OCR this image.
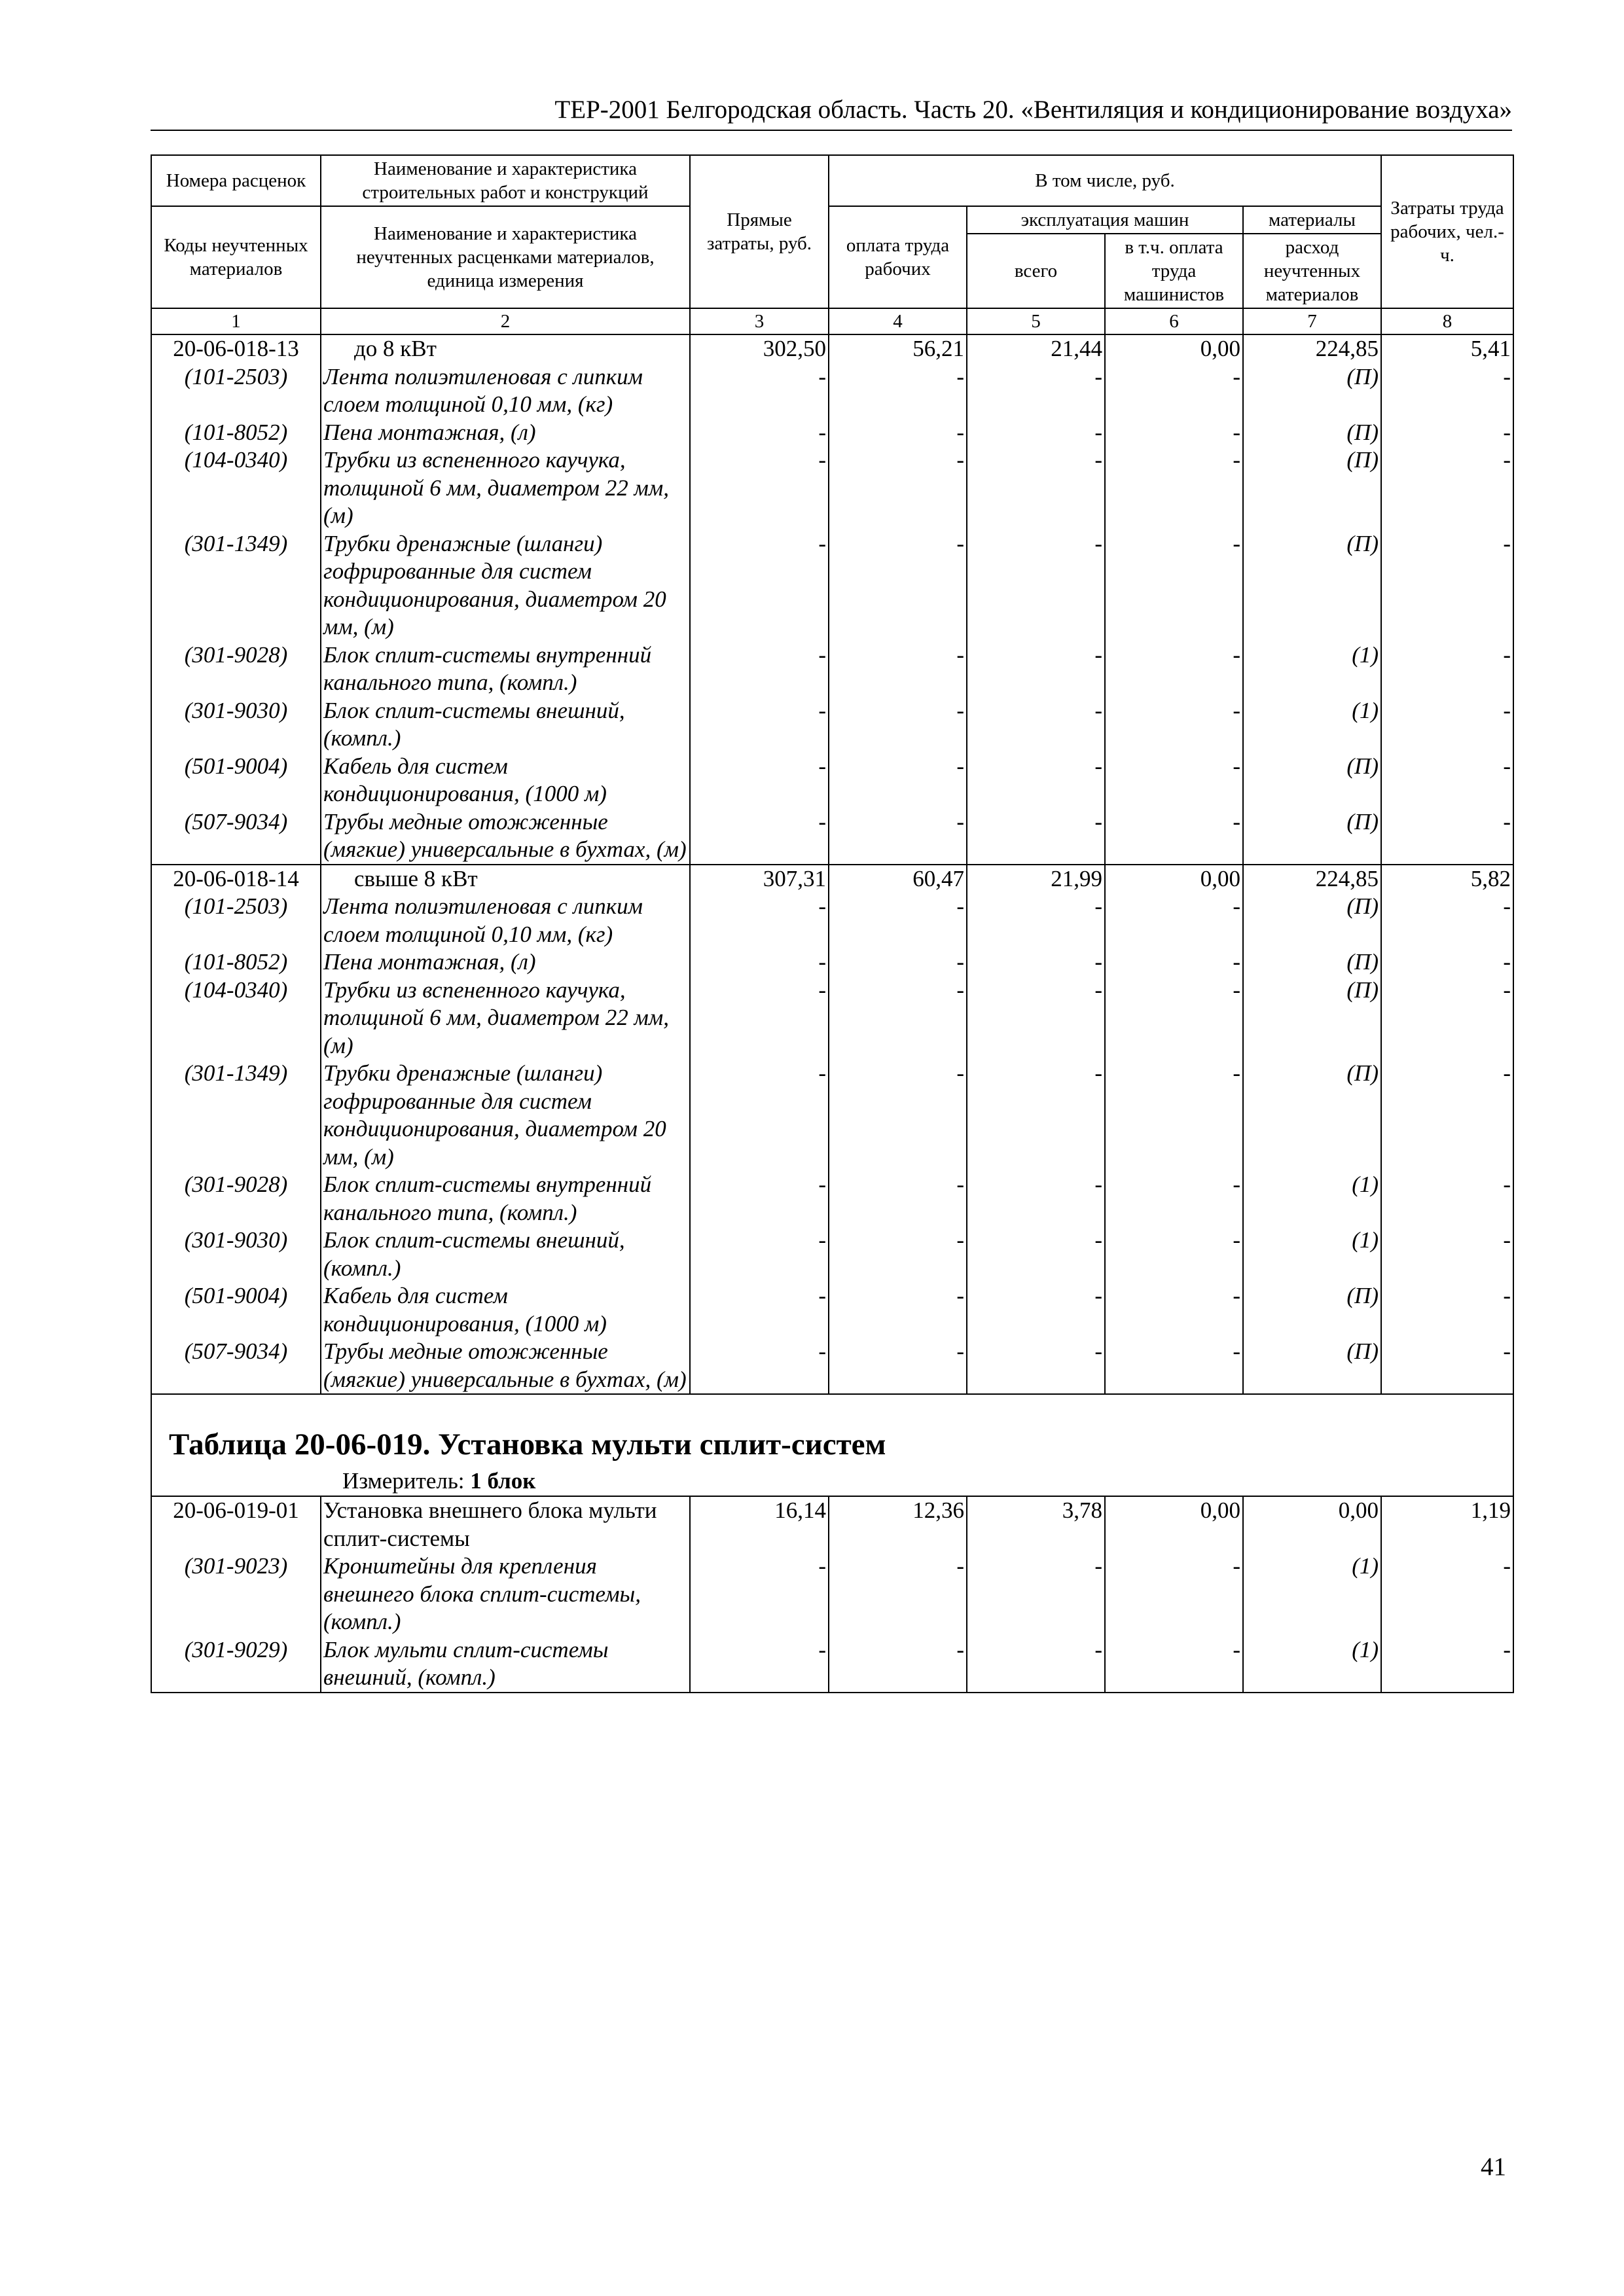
ТЕР-2001 Белгородская область. Часть 20. «Вентиляция и кондиционирование воздуха»
Номера расценок	Наименование и характеристика строительных работ и конструкций	Прямые затраты, руб.	В том числе, руб.				Затраты труда рабочих, чел.-ч.
Коды неучтенных материалов	Наименование и характеристика неучтенных расценками материалов, единица измерения		оплата труда рабочих	эксплуатация машин		материалы	
				всего	в т.ч. оплата труда машинистов	расход неучтенных материалов	
1	2	3	4	5	6	7	8
20-06-018-13	до 8 кВт	302,50	56,21	21,44	0,00	224,85	5,41
(101-2503)	Лента полиэтиленовая с липким слоем толщиной 0,10 мм, (кг)	-	-	-	-	(П)	-
(101-8052)	Пена монтажная, (л)	-	-	-	-	(П)	-
(104-0340)	Трубки из вспененного каучука, толщиной 6 мм, диаметром 22 мм, (м)	-	-	-	-	(П)	-
(301-1349)	Трубки дренажные (шланги) гофрированные для систем кондиционирования, диаметром 20 мм, (м)	-	-	-	-	(П)	-
(301-9028)	Блок сплит-системы внутренний канального типа, (компл.)	-	-	-	-	(1)	-
(301-9030)	Блок сплит-системы внешний, (компл.)	-	-	-	-	(1)	-
(501-9004)	Кабель для систем кондиционирования, (1000 м)	-	-	-	-	(П)	-
(507-9034)	Трубы медные отожженные (мягкие) универсальные в бухтах, (м)	-	-	-	-	(П)	-
20-06-018-14	свыше 8 кВт	307,31	60,47	21,99	0,00	224,85	5,82
(101-2503)	Лента полиэтиленовая с липким слоем толщиной 0,10 мм, (кг)	-	-	-	-	(П)	-
(101-8052)	Пена монтажная, (л)	-	-	-	-	(П)	-
(104-0340)	Трубки из вспененного каучука, толщиной 6 мм, диаметром 22 мм, (м)	-	-	-	-	(П)	-
(301-1349)	Трубки дренажные (шланги) гофрированные для систем кондиционирования, диаметром 20 мм, (м)	-	-	-	-	(П)	-
(301-9028)	Блок сплит-системы внутренний канального типа, (компл.)	-	-	-	-	(1)	-
(301-9030)	Блок сплит-системы внешний, (компл.)	-	-	-	-	(1)	-
(501-9004)	Кабель для систем кондиционирования, (1000 м)	-	-	-	-	(П)	-
(507-9034)	Трубы медные отожженные (мягкие) универсальные в бухтах, (м)	-	-	-	-	(П)	-

Таблица 20-06-019. Установка мульти сплит-систем
Измеритель: 1 блок							

20-06-019-01	Установка внешнего блока мульти сплит-системы	16,14	12,36	3,78	0,00	0,00	1,19
(301-9023)	Кронштейны для крепления внешнего блока сплит-системы, (компл.)	-	-	-	-	(1)	-
(301-9029)	Блок мульти сплит-системы внешний, (компл.)	-	-	-	-	(1)	-
41
